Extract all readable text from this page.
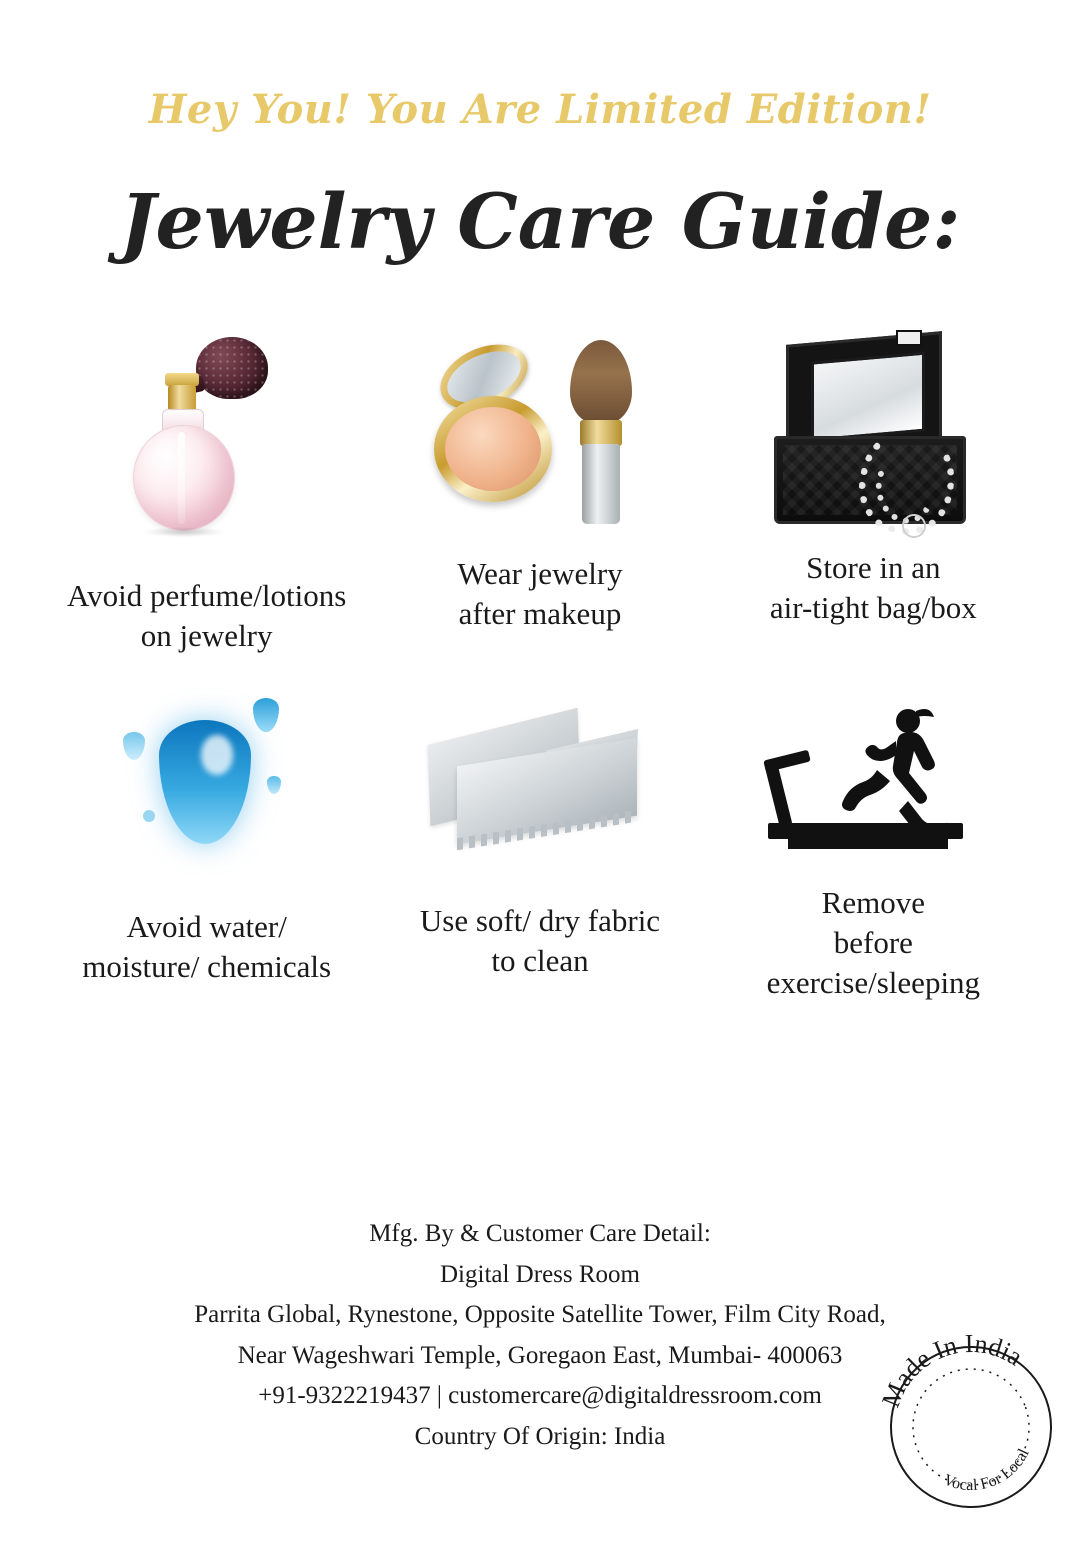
Hey You! You Are Limited Edition!
Jewelry Care Guide:
Avoid perfume/lotions
on jewelry
Wear jewelry
after makeup
Store in an
air-tight bag/box
Avoid water/
moisture/ chemicals
Use soft/ dry fabric
to clean
Remove
before
exercise/sleeping
Mfg. By & Customer Care Detail:
Digital Dress Room
Parrita Global, Rynestone, Opposite Satellite Tower, Film City Road,
Near Wageshwari Temple, Goregaon East, Mumbai- 400063
+91-9322219437 | customercare@digitaldressroom.com
Country Of Origin: India
Made In India
Vocal For Local
